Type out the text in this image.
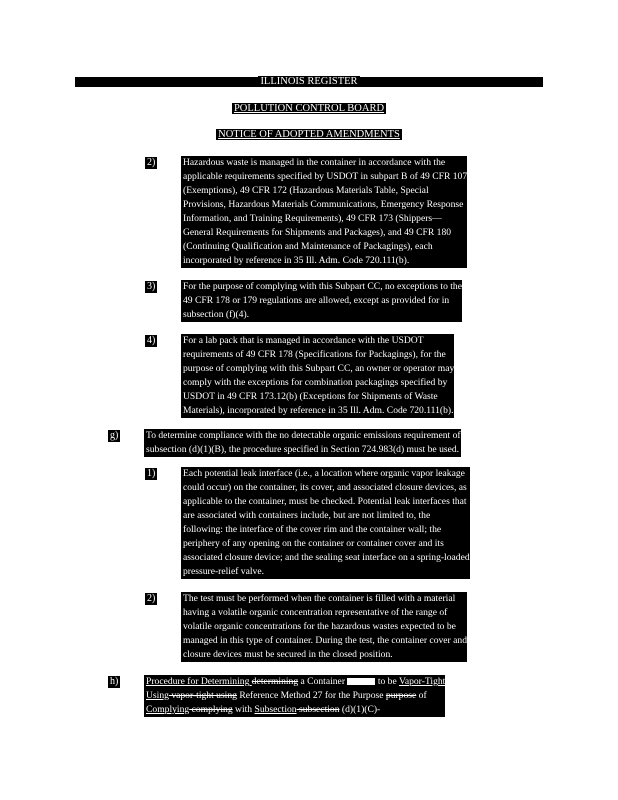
ILLINOIS REGISTER
POLLUTION CONTROL BOARD
NOTICE OF ADOPTED AMENDMENTS
2)	Hazardous waste is managed in the container in accordance with the
applicable requirements specified by USDOT in subpart B of 49 CFR 107
(Exemptions), 49 CFR 172 (Hazardous Materials Table, Special
Provisions, Hazardous Materials Communications, Emergency Response
Information, and Training Requirements), 49 CFR 173 (Shippers—
General Requirements for Shipments and Packages), and 49 CFR 180
(Continuing Qualification and Maintenance of Packagings), each
incorporated by reference in 35 Ill. Adm. Code 720.111(b).
3)	For the purpose of complying with this Subpart CC, no exceptions to the
49 CFR 178 or 179 regulations are allowed, except as provided for in
subsection (f)(4).
4)	For a lab pack that is managed in accordance with the USDOT
requirements of 49 CFR 178 (Specifications for Packagings), for the
purpose of complying with this Subpart CC, an owner or operator may
comply with the exceptions for combination packagings specified by
USDOT in 49 CFR 173.12(b) (Exceptions for Shipments of Waste
Materials), incorporated by reference in 35 Ill. Adm. Code 720.111(b).
g)	To determine compliance with the no detectable organic emissions requirement of
subsection (d)(1)(B), the procedure specified in Section 724.983(d) must be used.
1)	Each potential leak interface (i.e., a location where organic vapor leakage
could occur) on the container, its cover, and associated closure devices, as
applicable to the container, must be checked. Potential leak interfaces that
are associated with containers include, but are not limited to, the
following: the interface of the cover rim and the container wall; the
periphery of any opening on the container or container cover and its
associated closure device; and the sealing seat interface on a spring-loaded
pressure-relief valve.
2)	The test must be performed when the container is filled with a material
having a volatile organic concentration representative of the range of
volatile organic concentrations for the hazardous wastes expected to be
managed in this type of container. During the test, the container cover and
closure devices must be secured in the closed position.
h)	Procedure for Determining determining a Container	to be Vapor-Tight
Using vapor-tight using Reference Method 27 for the Purpose purpose of
Complying complying with Subsection subsection (d)(1)(C)-
